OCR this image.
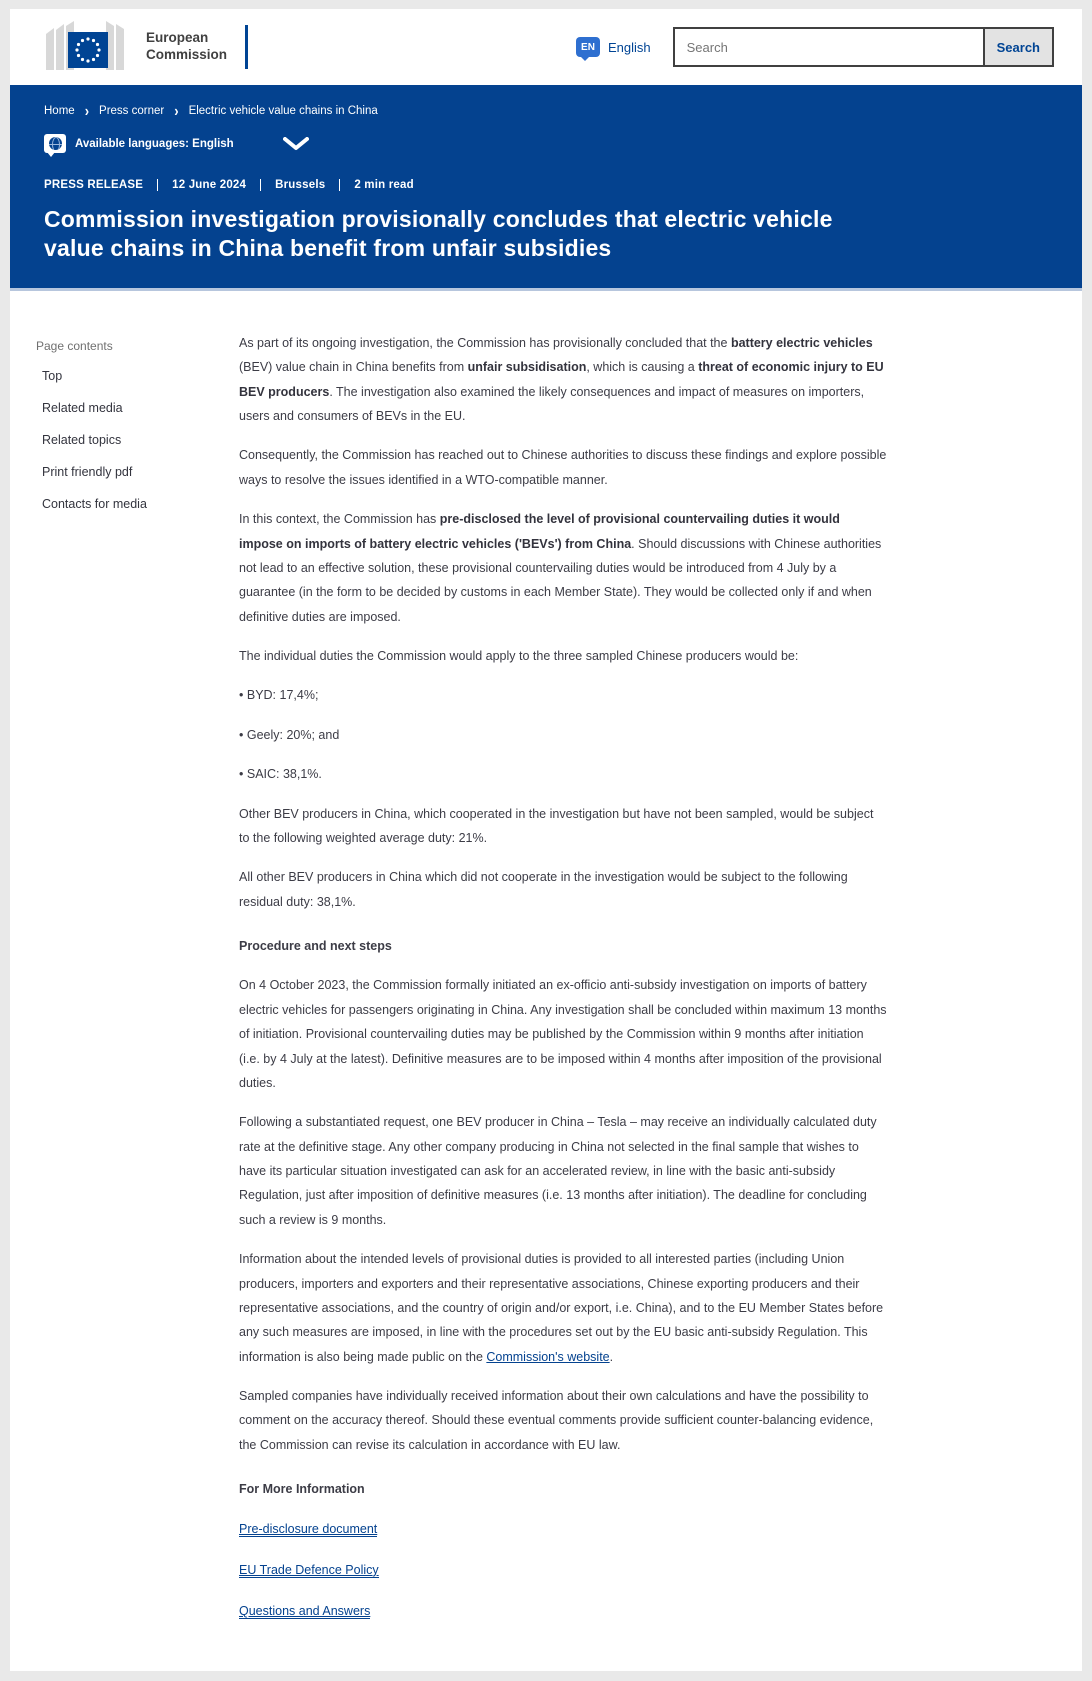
European
Commission	EN	English
Search	Search
Home › Press corner › Electric vehicle value chains in China
Available languages: English
PRESS RELEASE	12 June 2024	Brussels	2 min read
Commission investigation provisionally concludes that electric vehicle value chains in China benefit from unfair subsidies
Page contents
Top
Related media
Related topics
Print friendly pdf
Contacts for media

As part of its ongoing investigation, the Commission has provisionally concluded that the battery electric vehicles (BEV) value chain in China benefits from unfair subsidisation, which is causing a threat of economic injury to EU BEV producers. The investigation also examined the likely consequences and impact of measures on importers, users and consumers of BEVs in the EU.

Consequently, the Commission has reached out to Chinese authorities to discuss these findings and explore possible ways to resolve the issues identified in a WTO-compatible manner.

In this context, the Commission has pre-disclosed the level of provisional countervailing duties it would impose on imports of battery electric vehicles ('BEVs') from China. Should discussions with Chinese authorities not lead to an effective solution, these provisional countervailing duties would be introduced from 4 July by a guarantee (in the form to be decided by customs in each Member State). They would be collected only if and when definitive duties are imposed.

The individual duties the Commission would apply to the three sampled Chinese producers would be:

• BYD: 17,4%;

• Geely: 20%; and

• SAIC: 38,1%.

Other BEV producers in China, which cooperated in the investigation but have not been sampled, would be subject to the following weighted average duty: 21%.

All other BEV producers in China which did not cooperate in the investigation would be subject to the following residual duty: 38,1%.

Procedure and next steps

On 4 October 2023, the Commission formally initiated an ex-officio anti-subsidy investigation on imports of battery electric vehicles for passengers originating in China. Any investigation shall be concluded within maximum 13 months of initiation. Provisional countervailing duties may be published by the Commission within 9 months after initiation (i.e. by 4 July at the latest). Definitive measures are to be imposed within 4 months after imposition of the provisional duties.

Following a substantiated request, one BEV producer in China – Tesla – may receive an individually calculated duty rate at the definitive stage. Any other company producing in China not selected in the final sample that wishes to have its particular situation investigated can ask for an accelerated review, in line with the basic anti-subsidy Regulation, just after imposition of definitive measures (i.e. 13 months after initiation). The deadline for concluding such a review is 9 months.

Information about the intended levels of provisional duties is provided to all interested parties (including Union producers, importers and exporters and their representative associations, Chinese exporting producers and their representative associations, and the country of origin and/or export, i.e. China), and to the EU Member States before any such measures are imposed, in line with the procedures set out by the EU basic anti-subsidy Regulation. This information is also being made public on the Commission's website.

Sampled companies have individually received information about their own calculations and have the possibility to comment on the accuracy thereof. Should these eventual comments provide sufficient counter-balancing evidence, the Commission can revise its calculation in accordance with EU law.

For More Information

Pre-disclosure document

EU Trade Defence Policy

Questions and Answers
